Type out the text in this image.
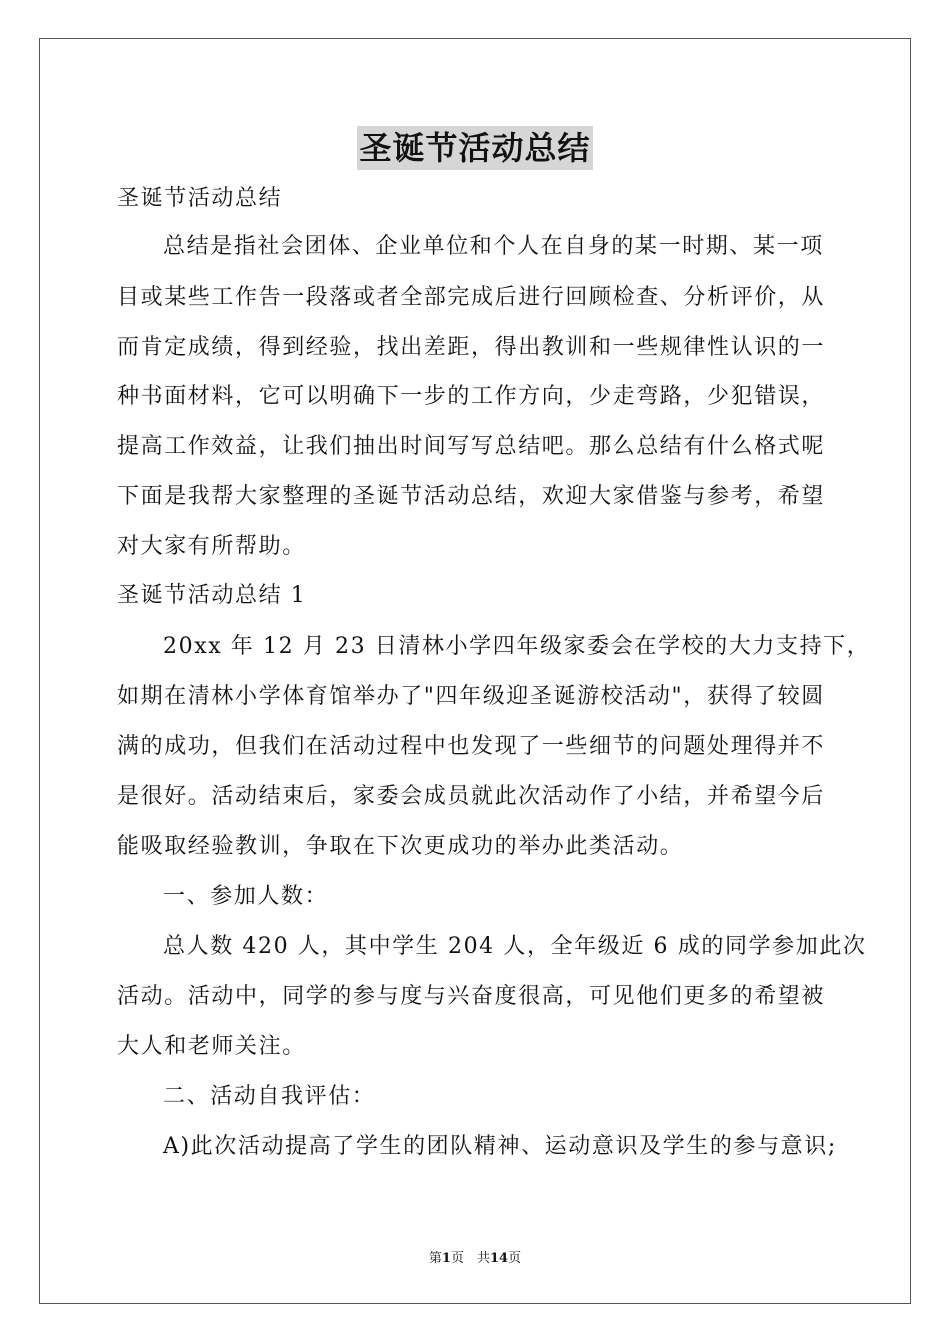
圣诞节活动总结
圣诞节活动总结
总结是指社会团体、企业单位和个人在自身的某一时期、某一项
目或某些工作告一段落或者全部完成后进行回顾检查、分析评价，从
而肯定成绩，得到经验，找出差距，得出教训和一些规律性认识的一
种书面材料，它可以明确下一步的工作方向，少走弯路，少犯错误，
提高工作效益，让我们抽出时间写写总结吧。那么总结有什么格式呢
下面是我帮大家整理的圣诞节活动总结，欢迎大家借鉴与参考，希望
对大家有所帮助。
圣诞节活动总结 1
20xx 年 12 月 23 日清林小学四年级家委会在学校的大力支持下，
如期在清林小学体育馆举办了"四年级迎圣诞游校活动"，获得了较圆
满的成功，但我们在活动过程中也发现了一些细节的问题处理得并不
是很好。活动结束后，家委会成员就此次活动作了小结，并希望今后
能吸取经验教训，争取在下次更成功的举办此类活动。
一、参加人数：
总人数 420 人，其中学生 204 人，全年级近 6 成的同学参加此次
活动。活动中，同学的参与度与兴奋度很高，可见他们更多的希望被
大人和老师关注。
二、活动自我评估：
A)此次活动提高了学生的团队精神、运动意识及学生的参与意识;
第1页　共14页
